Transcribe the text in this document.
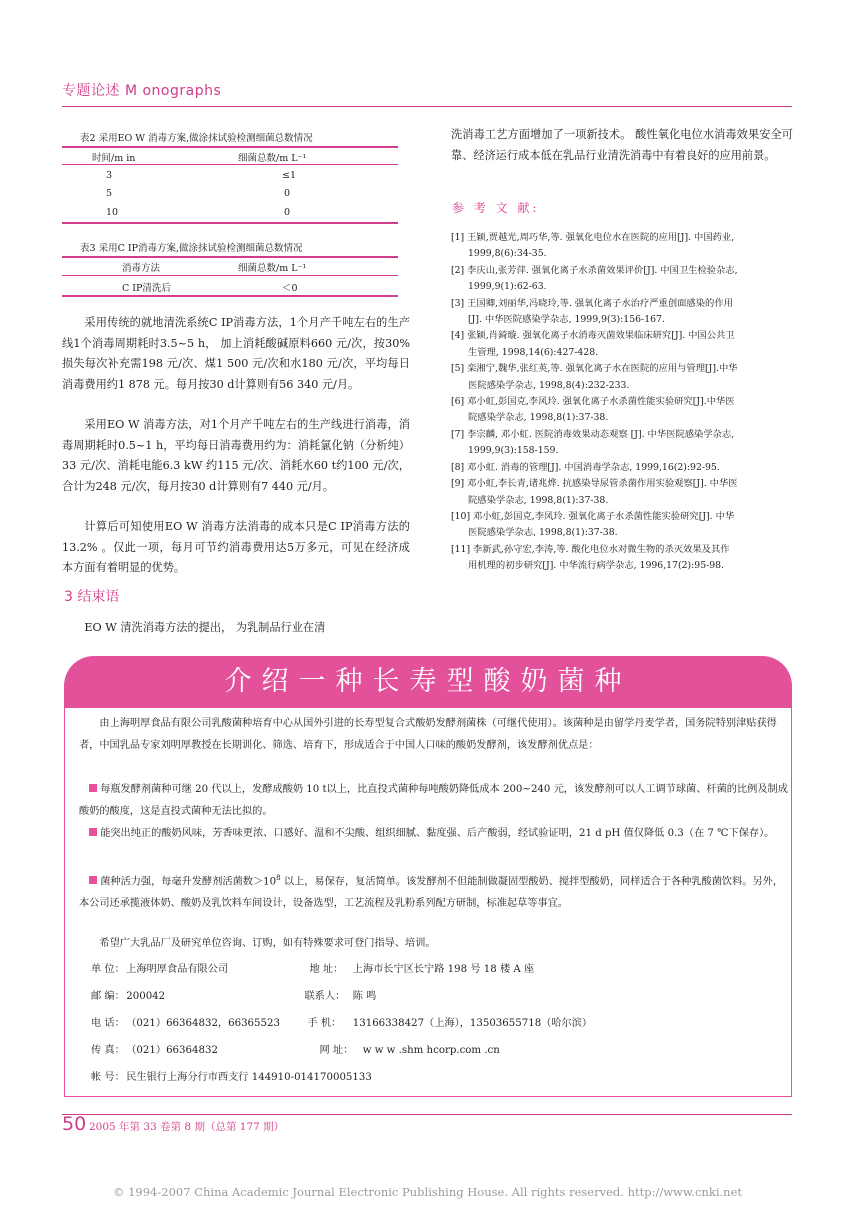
专题论述 M onographs
表2 采用EO W 消毒方案,做涂抹试验检测细菌总数情况
时间/m in	细菌总数/m L⁻¹
3	≤1
5	0
10	0
表3 采用C IP消毒方案,做涂抹试验检测细菌总数情况
消毒方法	细菌总数/m L⁻¹
C IP清洗后	＜0
采用传统的就地清洗系统C IP消毒方法，1个月产千吨左右的生产线1个消毒周期耗时3.5~5 h， 加上消耗酸碱原料660 元/次，按30% 损失每次补充需198 元/次、煤1 500 元/次和水180 元/次，平均每日消毒费用约1 878 元。每月按30 d计算则有56 340 元/月。
采用EO W 消毒方法，对1个月产千吨左右的生产线进行消毒，消毒周期耗时0.5~1 h，平均每日消毒费用约为：消耗氯化钠（分析纯）33 元/次、消耗电能6.3 kW 约115 元/次、消耗水60 t约100 元/次，合计为248 元/次，每月按30 d计算则有7 440 元/月。
计算后可知使用EO W 消毒方法消毒的成本只是C IP消毒方法的13.2% 。仅此一项，每月可节约消毒费用达5万多元，可见在经济成本方面有着明显的优势。
3 结束语
EO W 清洗消毒方法的提出， 为乳制品行业在清
洗消毒工艺方面增加了一项新技术。 酸性氧化电位水消毒效果安全可靠、经济运行成本低在乳品行业清洗消毒中有着良好的应用前景。
参 考 文 献:
[1] 王颖,贾越光,周巧华,等. 强氧化电位水在医院的应用[J]. 中国药业,
1999,8(6):34-35.
[2] 李庆山,张芳萍. 强氧化离子水杀菌效果评价[J]. 中国卫生检验杂志,
1999,9(1):62-63.
[3] 王国卿,刘丽华,冯晓玲,等. 强氧化离子水治疗严重创面感染的作用
[J]. 中华医院感染学杂志, 1999,9(3):156-167.
[4] 张颖,肖錡璇. 强氧化离子水消毒灭菌效果临床研究[J]. 中国公共卫
生管理, 1998,14(6):427-428.
[5] 栾湘宁,魏华,张红英,等. 强氧化离子水在医院的应用与管理[J].中华
医院感染学杂志, 1998,8(4):232-233.
[6] 邓小虹,彭国克,李风玲. 强氧化离子水杀菌性能实验研究[J].中华医
院感染学杂志, 1998,8(1):37-38.
[7] 李宗麟, 邓小虹. 医院消毒效果动态观察 [J]. 中华医院感染学杂志,
1999,9(3):158-159.
[8] 邓小虹. 消毒的管理[J]. 中国消毒学杂志, 1999,16(2):92-95.
[9] 邓小虹,李长青,诸兆烨. 抗感染导尿管杀菌作用实验观察[J]. 中华医
院感染学杂志, 1998,8(1):37-38.
[10] 邓小虹,彭国克,李风玲. 强氧化离子水杀菌性能实验研究[J]. 中华
医院感染学杂志, 1998,8(1):37-38.
[11] 李新武,孙守宏,李涛,等. 酸化电位水对微生物的杀灭效果及其作
用机理的初步研究[J]. 中华流行病学杂志, 1996,17(2):95-98.
介绍一种长寿型酸奶菌种
由上海明厚食品有限公司乳酸菌种培育中心从国外引进的长寿型复合式酸奶发酵剂菌株（可继代使用）。该菌种是由留学丹麦学者，国务院特别津贴获得者，中国乳品专家刘明厚教授在长期训化、筛选、培育下，形成适合于中国人口味的酸奶发酵剂，该发酵剂优点是：
每瓶发酵剂菌种可继 20 代以上，发酵成酸奶 10 t以上，比直投式菌种每吨酸奶降低成本 200~240 元，该发酵剂可以人工调节球菌、杆菌的比例及制成酸奶的酸度，这是直投式菌种无法比拟的。
能突出纯正的酸奶风味，芳香味更浓、口感好、温和不尖酸、组织细腻、黏度强、后产酸弱，经试验证明，21 d pH 值仅降低 0.3（在 7 ℃下保存）。
菌种活力强，每毫升发酵剂活菌数$>10^8$ 以上，易保存，复活简单。该发酵剂不但能制做凝固型酸奶、搅拌型酸奶，同样适合于各种乳酸菌饮料。另外，本公司还承揽液体奶、酸奶及乳饮料车间设计，设备选型，工艺流程及乳粉系列配方研制，标准起草等事宜。
希望广大乳品厂及研究单位咨询、订购，如有特殊要求可登门指导、培训。
单 位： 上海明厚食品有限公司	地 址： 上海市长宁区长宁路 198 号 18 楼 A 座
邮 编： 200042	联系人： 陈 鸣
电 话： （021）66364832，66365523	手 机： 13166338427（上海），13503655718（哈尔滨）
传 真： （021）66364832	网 址： w w w .shm hcorp.com .cn
帐 号： 民生银行上海分行市西支行 144910-014170005133
50 2005 年第 33 卷第 8 期（总第 177 期）
© 1994-2007 China Academic Journal Electronic Publishing House. All rights reserved. http://www.cnki.net
